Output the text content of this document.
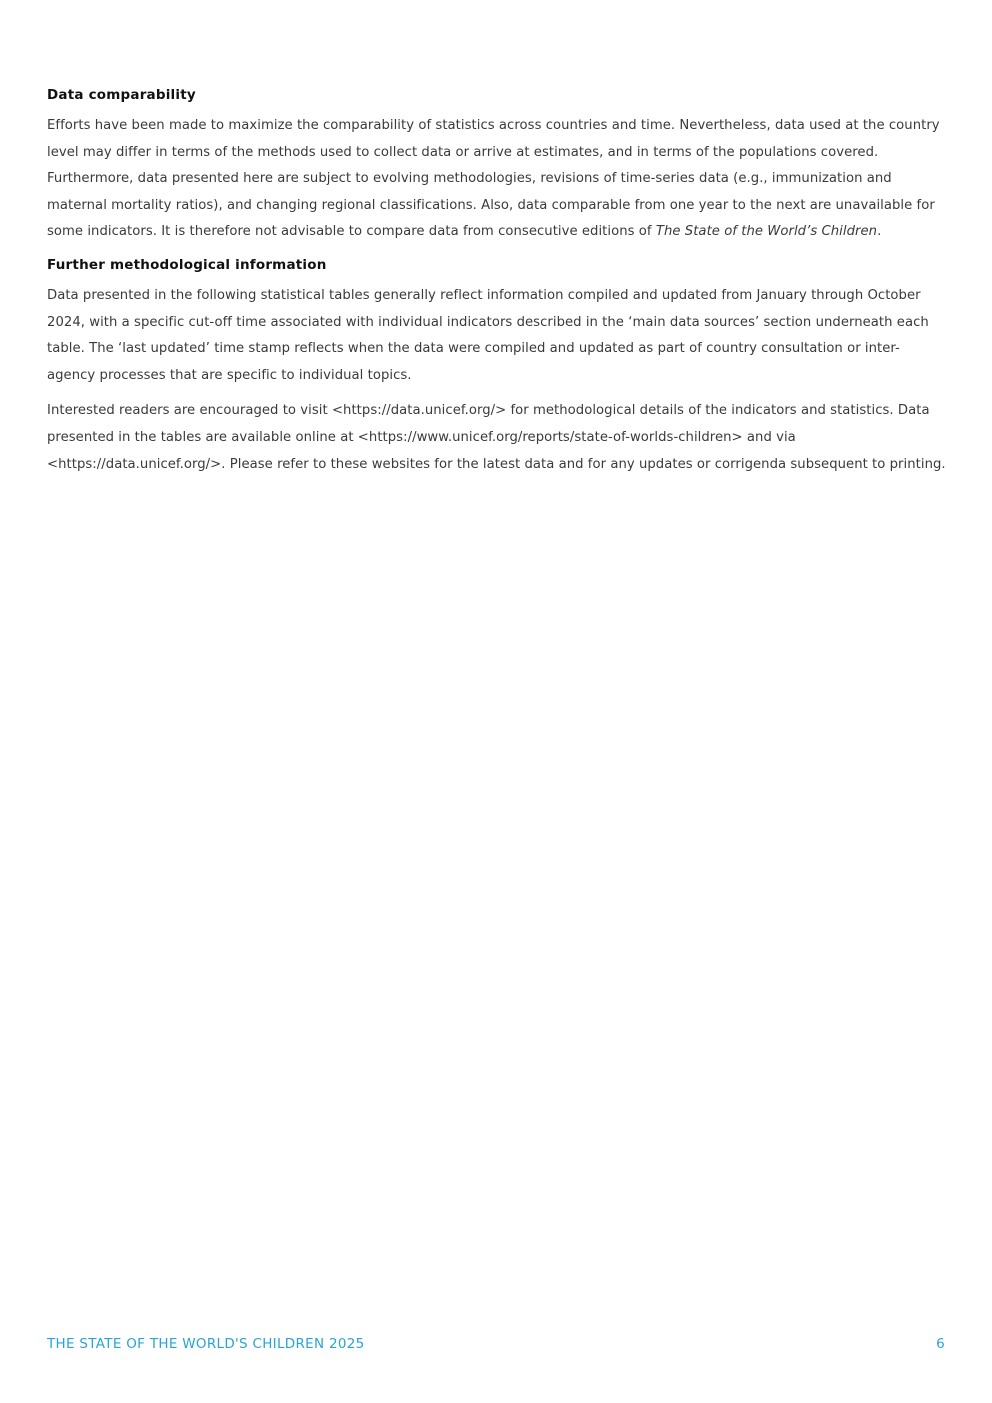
Data comparability

Efforts have been made to maximize the comparability of statistics across countries and time. Nevertheless, data used at the country level may differ in terms of the methods used to collect data or arrive at estimates, and in terms of the populations covered. Furthermore, data presented here are subject to evolving methodologies, revisions of time-series data (e.g., immunization and maternal mortality ratios), and changing regional classifications. Also, data comparable from one year to the next are unavailable for some indicators. It is therefore not advisable to compare data from consecutive editions of The State of the World’s Children.

Further methodological information

Data presented in the following statistical tables generally reflect information compiled and updated from January through October 2024, with a specific cut-off time associated with individual indicators described in the ‘main data sources’ section underneath each table. The ‘last updated’ time stamp reflects when the data were compiled and updated as part of country consultation or inter-agency processes that are specific to individual topics.

Interested readers are encouraged to visit <https://data.unicef.org/> for methodological details of the indicators and statistics. Data presented in the tables are available online at <https://www.unicef.org/reports/state-of-worlds-children> and via <https://data.unicef.org/>. Please refer to these websites for the latest data and for any updates or corrigenda subsequent to printing.

THE STATE OF THE WORLD'S CHILDREN 2025	6
